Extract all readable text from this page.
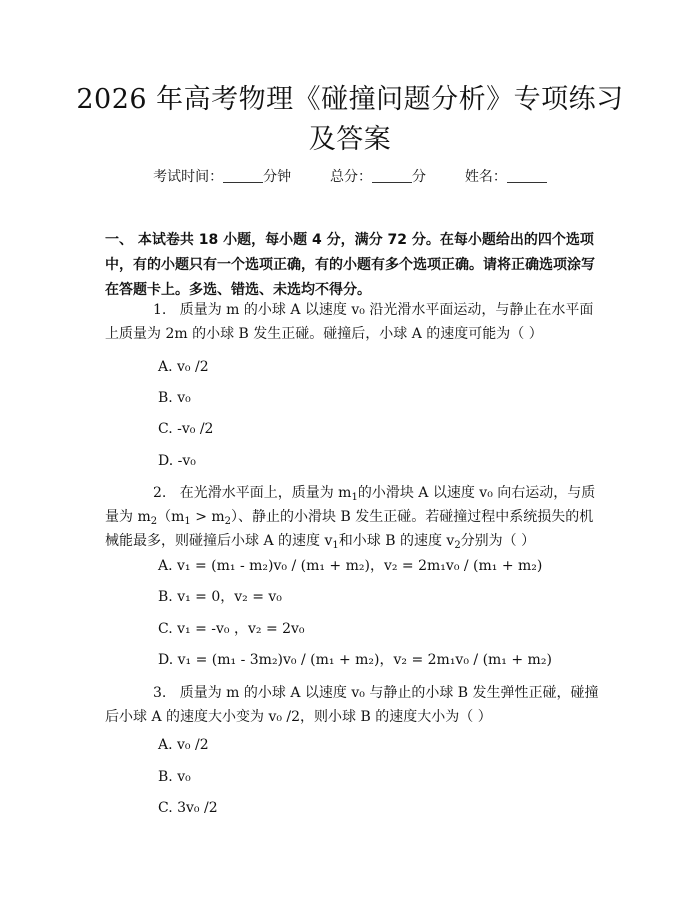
2026 年高考物理《碰撞问题分析》专项练习
及答案
考试时间：	分钟	总分：	分	姓名：
一、 本试卷共 18 小题，每小题 4 分，满分 72 分。在每小题给出的四个选项中，有的小题只有一个选项正确，有的小题有多个选项正确。请将正确选项涂写在答题卡上。多选、错选、未选均不得分。
1. 质量为 m 的小球 A 以速度 v₀ 沿光滑水平面运动，与静止在水平面上质量为 2m 的小球 B 发生正碰。碰撞后，小球 A 的速度可能为（ ）
A. v₀ /2
B. v₀
C. -v₀ /2
D. -v₀
2. 在光滑水平面上，质量为 $m_1$的小滑块 A 以速度 v₀ 向右运动，与质量为 $m_2(m_1 > m_2)$、静止的小滑块 B 发生正碰。若碰撞过程中系统损失的机械能最多，则碰撞后小球 A 的速度 $v_1$和小球 B 的速度 $v_2$分别为（ ）
A. v₁ = (m₁ - m₂)v₀ / (m₁ + m₂)，v₂ = 2m₁v₀ / (m₁ + m₂)
B. v₁ = 0，v₂ = v₀
C. v₁ = -v₀ ，v₂ = 2v₀
D. v₁ = (m₁ - 3m₂)v₀ / (m₁ + m₂)，v₂ = 2m₁v₀ / (m₁ + m₂)
3. 质量为 m 的小球 A 以速度 v₀ 与静止的小球 B 发生弹性正碰，碰撞后小球 A 的速度大小变为 v₀ /2，则小球 B 的速度大小为（ ）
A. v₀ /2
B. v₀
C. 3v₀ /2
